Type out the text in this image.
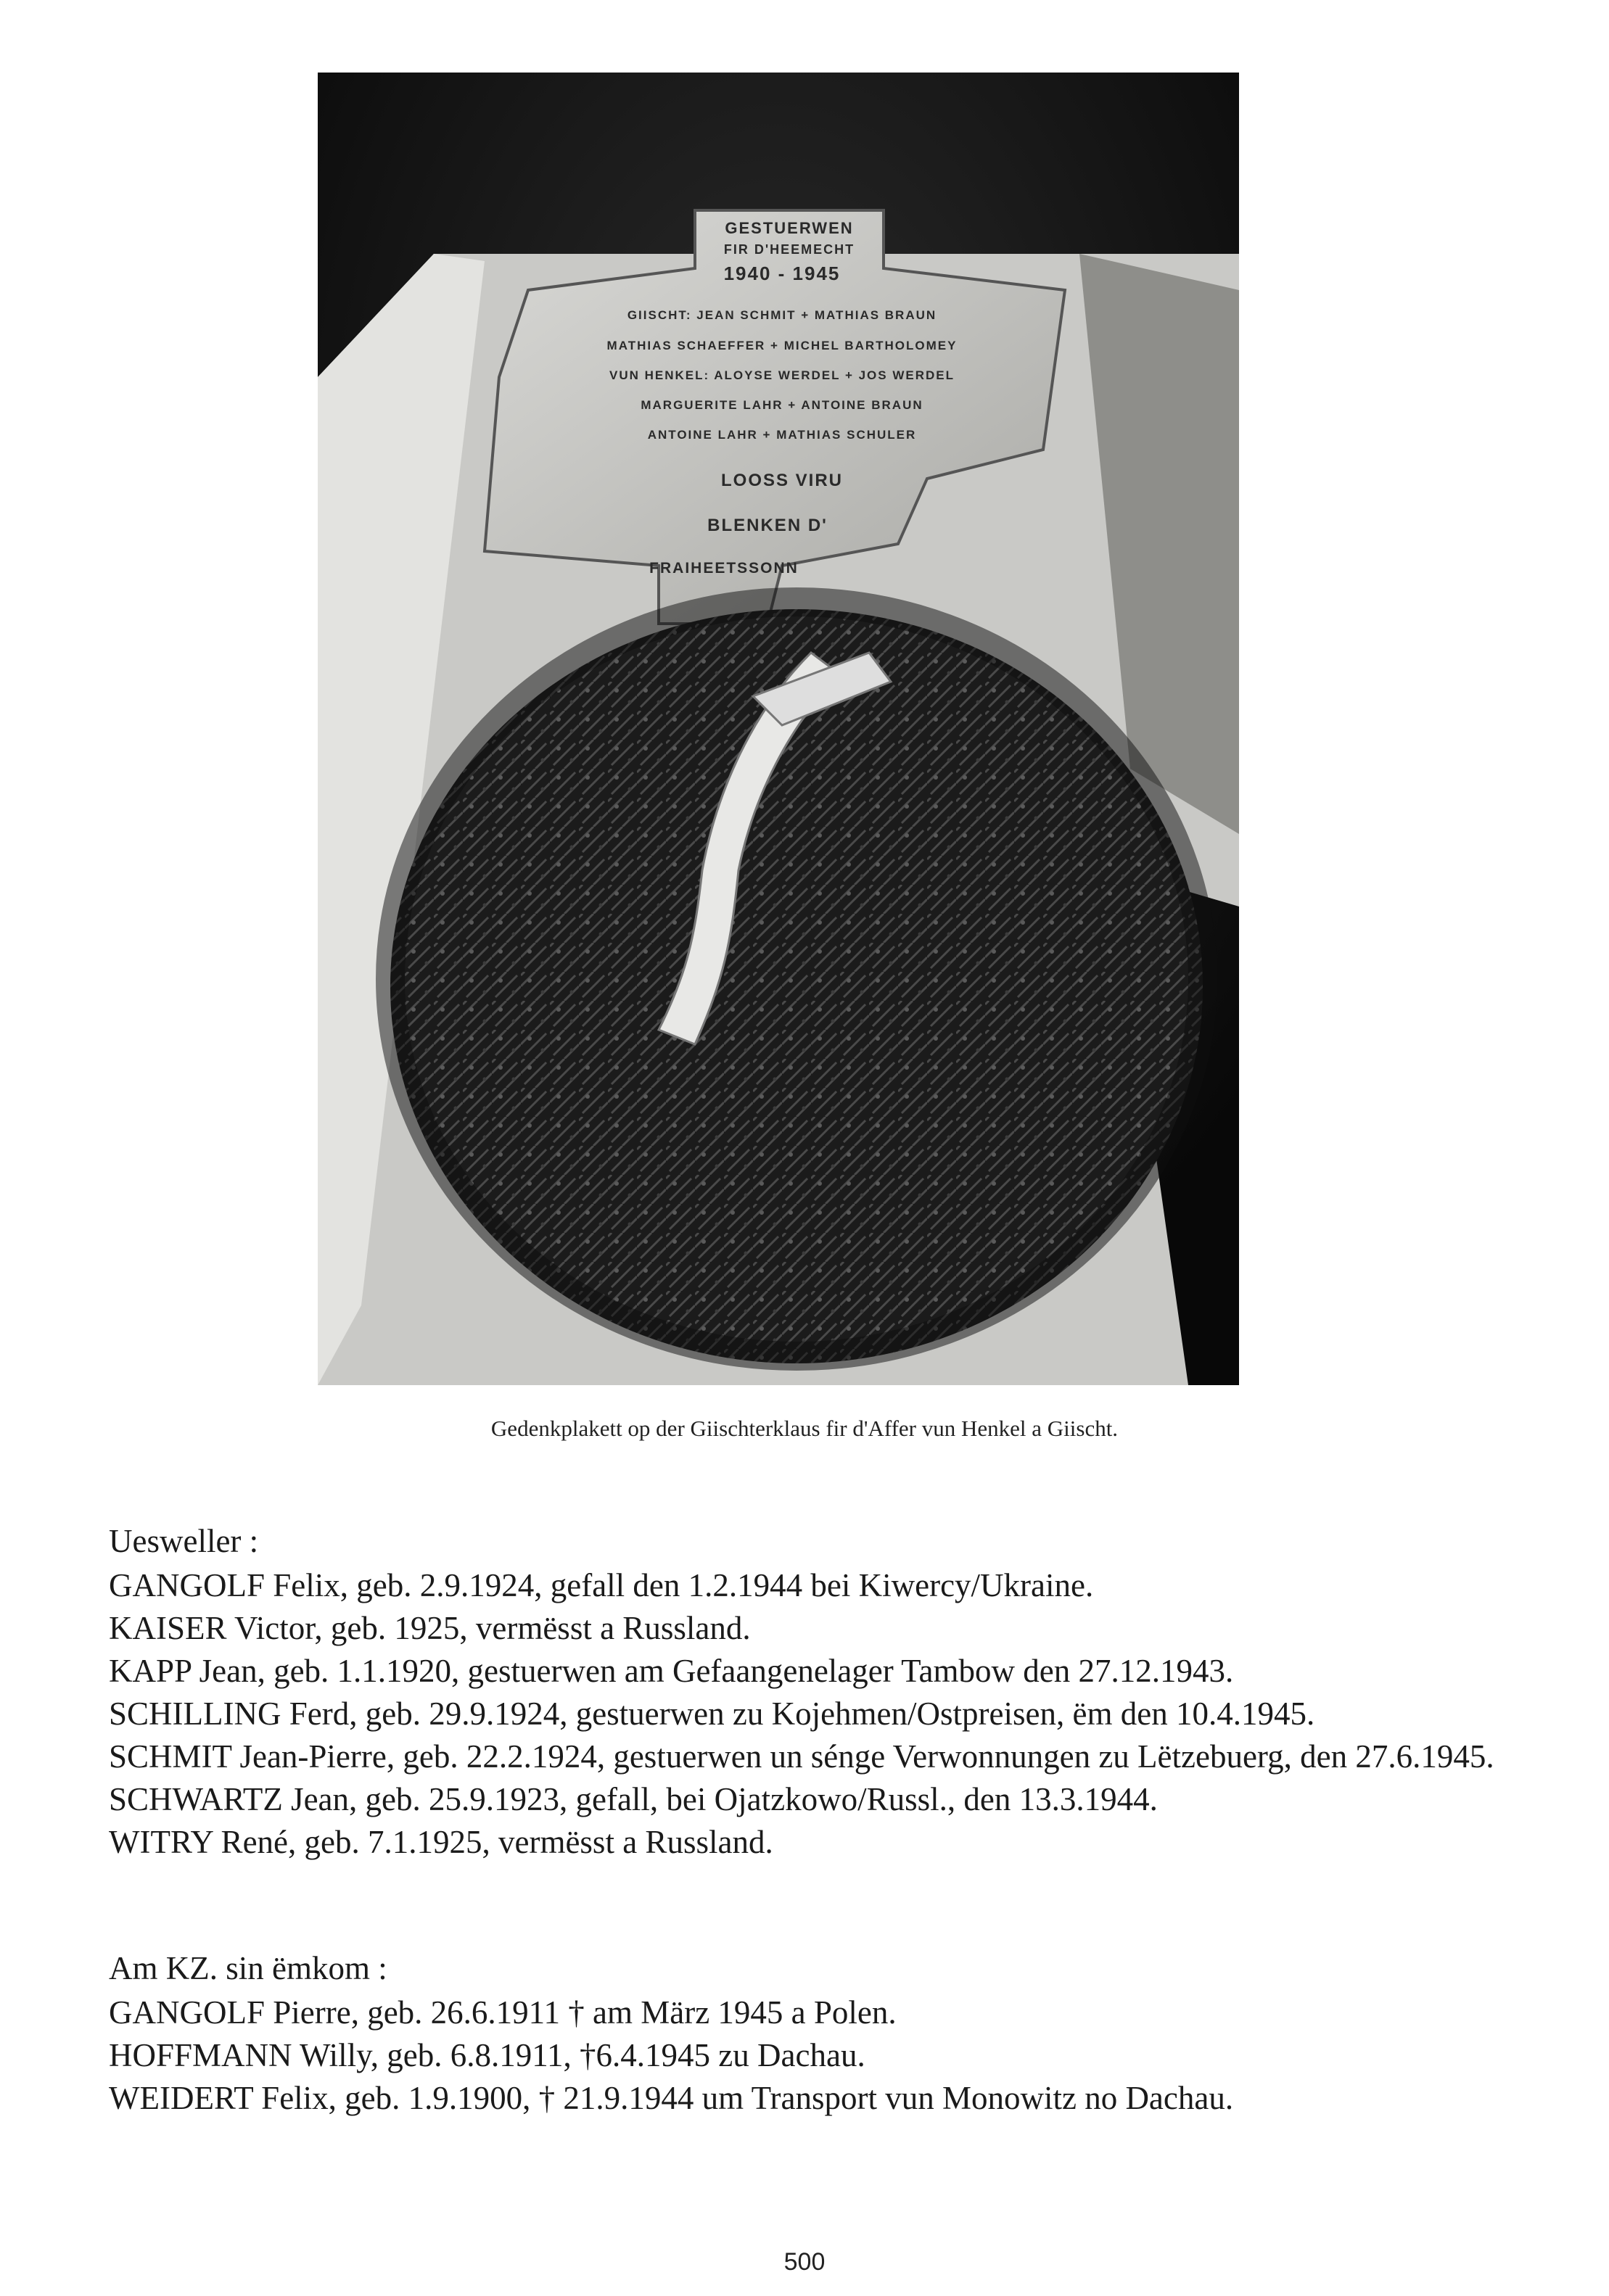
GESTUERWEN
FIR D'HEEMECHT
1940 - 1945
GIISCHT: JEAN SCHMIT + MATHIAS BRAUN
MATHIAS SCHAEFFER + MICHEL BARTHOLOMEY
VUN HENKEL: ALOYSE WERDEL + JOS WERDEL
MARGUERITE LAHR + ANTOINE BRAUN
ANTOINE LAHR + MATHIAS SCHULER
LOOSS VIRU
BLENKEN D'
FRAIHEETSSONN
Gedenkplakett op der Giischterklaus fir d'Affer vun Henkel a Giischt.
Uesweller :
GANGOLF Felix, geb. 2.9.1924, gefall den 1.2.1944 bei Kiwercy/Ukraine.
KAISER Victor, geb. 1925, vermësst a Russland.
KAPP Jean, geb. 1.1.1920, gestuerwen am Gefaangenelager Tambow den 27.12.1943.
SCHILLING Ferd, geb. 29.9.1924, gestuerwen zu Kojehmen/Ostpreisen, ëm den 10.4.1945.
SCHMIT Jean-Pierre, geb. 22.2.1924, gestuerwen un sénge Verwonnungen zu Lëtzebuerg, den 27.6.1945.
SCHWARTZ Jean, geb. 25.9.1923, gefall, bei Ojatzkowo/Russl., den 13.3.1944.
WITRY René, geb. 7.1.1925, vermësst a Russland.
Am KZ. sin ëmkom :
GANGOLF Pierre, geb. 26.6.1911 † am März 1945 a Polen.
HOFFMANN Willy, geb. 6.8.1911, †6.4.1945 zu Dachau.
WEIDERT Felix, geb. 1.9.1900, † 21.9.1944 um Transport vun Monowitz no Dachau.
500
